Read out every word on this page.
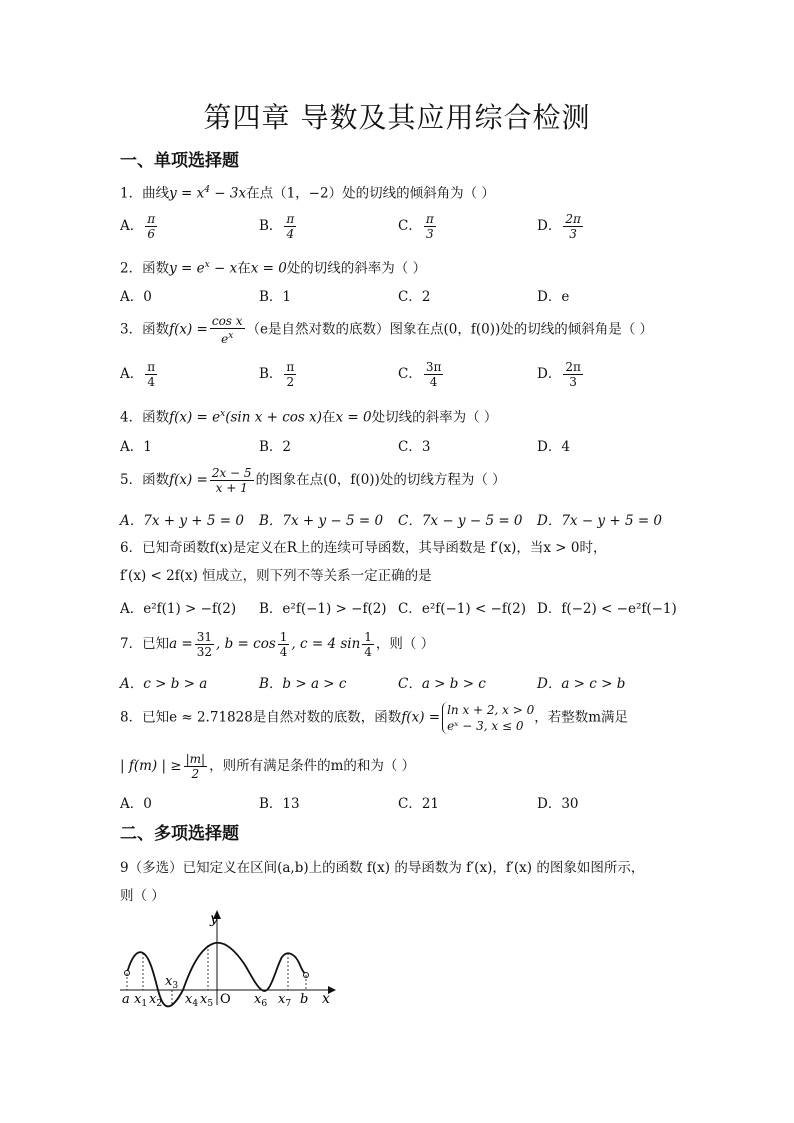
第四章 导数及其应用综合检测
一、单项选择题
1．曲线$y = x^4 - 3x$在点（1，−2）处的切线的倾斜角为（ ）
A． $\frac{\pi}{6}$	B． $\frac{\pi}{4}$	C． $\frac{\pi}{3}$	D． $\frac{2\pi}{3}$
2．函数$y = e^x - x$在x = 0处的切线的斜率为（ ）
A．0	B．1	C．2	D．e
3．函数$f(x) = \frac{\text{cos x}}{e^x} (e$是自然对数的底数）图象在点(0，f(0))处的切线的倾斜角是（ ）
A． $\frac{\pi}{4}$	B． $\frac{\pi}{2}$	C． $\frac{3\pi}{4}$	D． $\frac{2\pi}{3}$
4．函数$f(x) = e^x(\sin$ x + cos x)在x = 0处切线的斜率为（ ）
A．1	B．2	C．3	D．4
5．函数$f(x) = \frac{2x - 5}{x + 1}$ 的图象在点(0，f(0))处的切线方程为（ ）
A．7x + y + 5 = 0 B．7x + y − 5 = 0 C．7x − y − 5 = 0 D．7x − y + 5 = 0
6．已知奇函数f(x)是定义在R上的连续可导函数，其导函数是 f′(x)，当x > 0时，
f′(x) < 2f(x) 恒成立，则下列不等关系一定正确的是
A．e²f(1) > −f(2) B．e²f(−1) > −f(2) C．e²f(−1) < −f(2) D．f(−2) < −e²f(−1)
7．已知$a = \frac{31}{32}$ , $b = \cos \frac{1}{4}$ , c = 4 $\sin \frac{1}{4}$ ，则（ ）
A．c > b > a	B．b > a > c	C．a > b > c	D．a > c > b
8．已知e ≈ 2.71828是自然对数的底数，函数f(x) = ln x + 2, x > 0
eˣ − 3, x ≤ 0
，若整数m满足
| f(m) | ≥ $\frac{|m|}{2}$ ，则所有满足条件的m的和为（ ）
A．0	B．13	C．21	D．30
二、多项选择题
9（多选）已知定义在区间(a,b)上的函数 f(x) 的导函数为 f′(x)，f′(x) 的图象如图所示，
则（ ）
y
x
a $x_1$ $x_2$
$x_3$
$x_4$ $x_5$ O $x_6$ $x_7$ b
